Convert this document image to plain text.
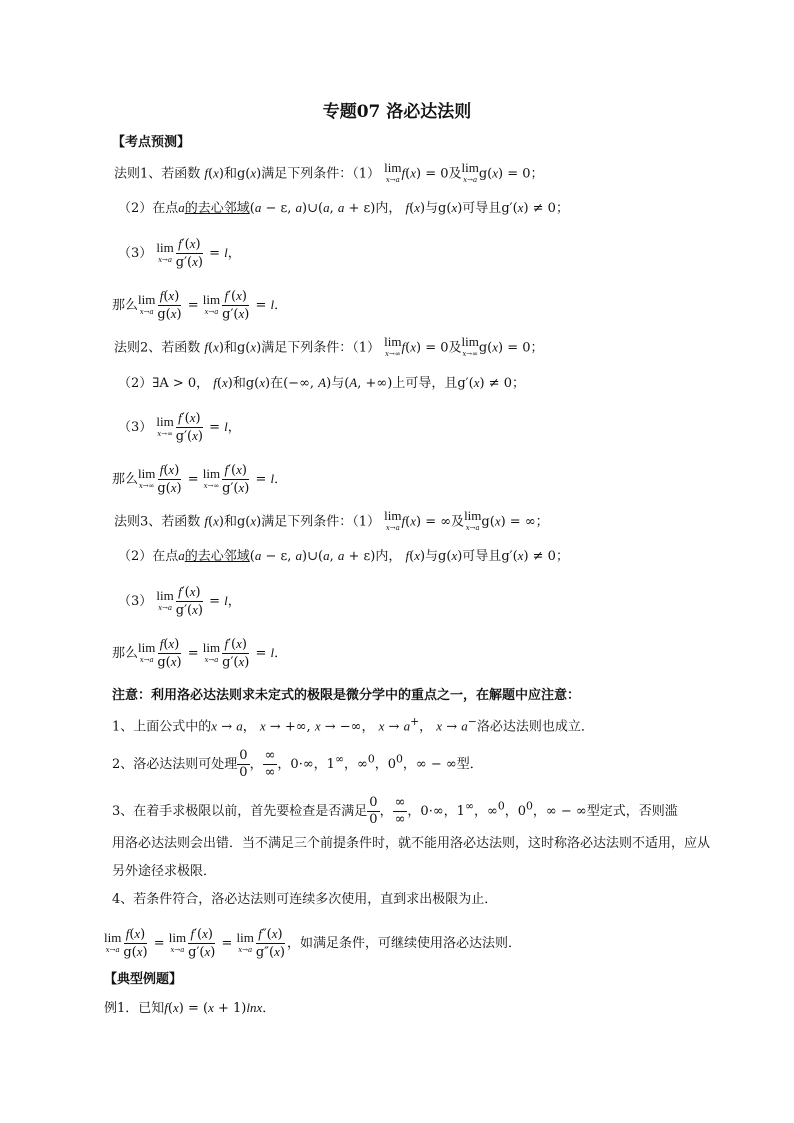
专题07 洛必达法则
【考点预测】
法则1、若函数 f(x)和g(x)满足下列条件：（1） lim
x→a f(x) = 0及 lim
x→a g(x) = 0；
（2）在点a的去心邻域(a − ε, a)∪(a, a + ε)内， f(x)与g(x)可导且g′(x) ≠ 0；
（3） lim
$x\to a \frac{f'(x)}{g'(x)} = l$，
那么 lim
$x\to a \frac{f(x)}{g(x)} = \lim$
$x\to a \frac{f'(x)}{g'(x)} = l$．
法则2、若函数 f(x)和g(x)满足下列条件：（1） lim
x→∞ f(x) = 0及 lim
x→∞ g(x) = 0；
（2）∃A > 0， f(x)和g(x)在(−∞, A)与(A, +∞)上可导，且g′(x) ≠ 0；
（3） lim
$x\to\infty \frac{f'(x)}{g'(x)} = l$，
那么 lim
$x\to\infty \frac{f(x)}{g(x)} = \lim$
$x\to\infty \frac{f'(x)}{g'(x)} = l$．
法则3、若函数 f(x)和g(x)满足下列条件：（1） lim
x→a f(x) = ∞及 lim
x→a g(x) = ∞；
（2）在点a的去心邻域(a − ε, a)∪(a, a + ε)内， f(x)与g(x)可导且g′(x) ≠ 0；
（3） lim
$x\to a \frac{f'(x)}{g'(x)} = l$，
那么 lim
$x\to a \frac{f(x)}{g(x)} = \lim$
$x\to a \frac{f'(x)}{g'(x)} = l$．
注意：利用洛必达法则求未定式的极限是微分学中的重点之一，在解题中应注意：
1、上面公式中的x → a， x → +∞, x → −∞， x → a+， x → a−洛必达法则也成立．
2、洛必达法则可处理 $\frac{0}{0}$ ， $\frac{\infty}{\infty}$ ，0·∞，1∞，∞$^0$，$0^0$，∞ − ∞型．
3、在着手求极限以前，首先要检查是否满足 $\frac{0}{0}$ ， $\frac{\infty}{\infty}$ ，0·∞，1∞，∞$^0$，$0^0$，∞ − ∞型定式，否则滥
用洛必达法则会出错．当不满足三个前提条件时，就不能用洛必达法则，这时称洛必达法则不适用，应从
另外途径求极限．
4、若条件符合，洛必达法则可连续多次使用，直到求出极限为止．
lim
$x\to a \frac{f(x)}{g(x)} = \lim$
$x\to a \frac{f'(x)}{g'(x)} = \lim$
$x\to a \frac{f''(x)}{g''(x)}$ ，如满足条件，可继续使用洛必达法则．
【典型例题】
例1．已知f(x) = (x + 1)lnx．
